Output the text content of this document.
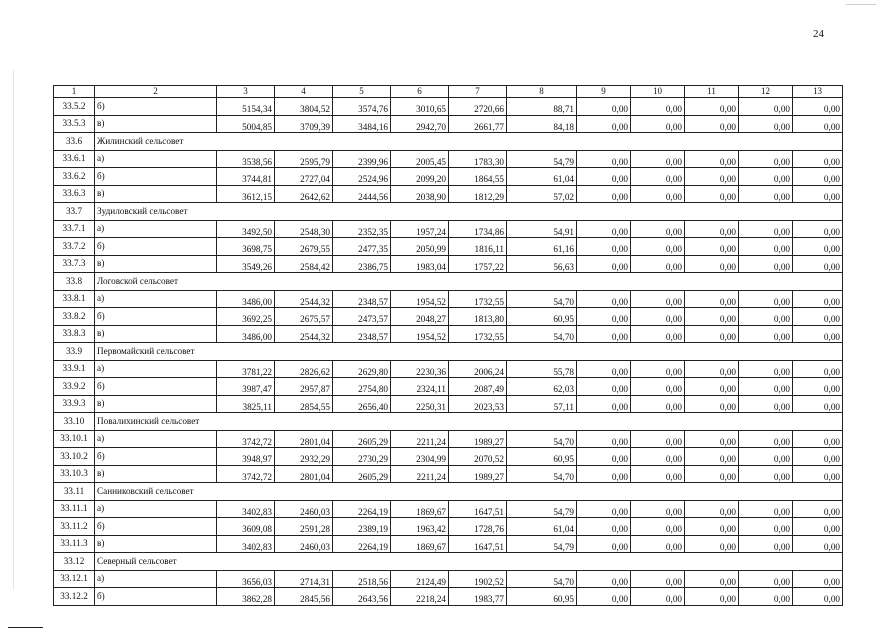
24
1	2	3	4	5	6	7	8	9	10	11	12	13
33.5.2	б)	5154,34	3804,52	3574,76	3010,65	2720,66	88,71	0,00	0,00	0,00	0,00	0,00
33.5.3	в)	5004,85	3709,39	3484,16	2942,70	2661,77	84,18	0,00	0,00	0,00	0,00	0,00
33.6	Жилинский сельсовет											
33.6.1	а)	3538,56	2595,79	2399,96	2005,45	1783,30	54,79	0,00	0,00	0,00	0,00	0,00
33.6.2	б)	3744,81	2727,04	2524,96	2099,20	1864,55	61,04	0,00	0,00	0,00	0,00	0,00
33.6.3	в)	3612,15	2642,62	2444,56	2038,90	1812,29	57,02	0,00	0,00	0,00	0,00	0,00
33.7	Зудиловский сельсовет											
33.7.1	а)	3492,50	2548,30	2352,35	1957,24	1734,86	54,91	0,00	0,00	0,00	0,00	0,00
33.7.2	б)	3698,75	2679,55	2477,35	2050,99	1816,11	61,16	0,00	0,00	0,00	0,00	0,00
33.7.3	в)	3549,26	2584,42	2386,75	1983,04	1757,22	56,63	0,00	0,00	0,00	0,00	0,00
33.8	Логовской сельсовет											
33.8.1	а)	3486,00	2544,32	2348,57	1954,52	1732,55	54,70	0,00	0,00	0,00	0,00	0,00
33.8.2	б)	3692,25	2675,57	2473,57	2048,27	1813,80	60,95	0,00	0,00	0,00	0,00	0,00
33.8.3	в)	3486,00	2544,32	2348,57	1954,52	1732,55	54,70	0,00	0,00	0,00	0,00	0,00
33.9	Первомайский сельсовет											
33.9.1	а)	3781,22	2826,62	2629,80	2230,36	2006,24	55,78	0,00	0,00	0,00	0,00	0,00
33.9.2	б)	3987,47	2957,87	2754,80	2324,11	2087,49	62,03	0,00	0,00	0,00	0,00	0,00
33.9.3	в)	3825,11	2854,55	2656,40	2250,31	2023,53	57,11	0,00	0,00	0,00	0,00	0,00
33.10	Повалихинский сельсовет											
33.10.1	а)	3742,72	2801,04	2605,29	2211,24	1989,27	54,70	0,00	0,00	0,00	0,00	0,00
33.10.2	б)	3948,97	2932,29	2730,29	2304,99	2070,52	60,95	0,00	0,00	0,00	0,00	0,00
33.10.3	в)	3742,72	2801,04	2605,29	2211,24	1989,27	54,70	0,00	0,00	0,00	0,00	0,00
33.11	Санниковский сельсовет											
33.11.1	а)	3402,83	2460,03	2264,19	1869,67	1647,51	54,79	0,00	0,00	0,00	0,00	0,00
33.11.2	б)	3609,08	2591,28	2389,19	1963,42	1728,76	61,04	0,00	0,00	0,00	0,00	0,00
33.11.3	в)	3402,83	2460,03	2264,19	1869,67	1647,51	54,79	0,00	0,00	0,00	0,00	0,00
33.12	Северный сельсовет											
33.12.1	а)	3656,03	2714,31	2518,56	2124,49	1902,52	54,70	0,00	0,00	0,00	0,00	0,00
33.12.2	б)	3862,28	2845,56	2643,56	2218,24	1983,77	60,95	0,00	0,00	0,00	0,00	0,00
